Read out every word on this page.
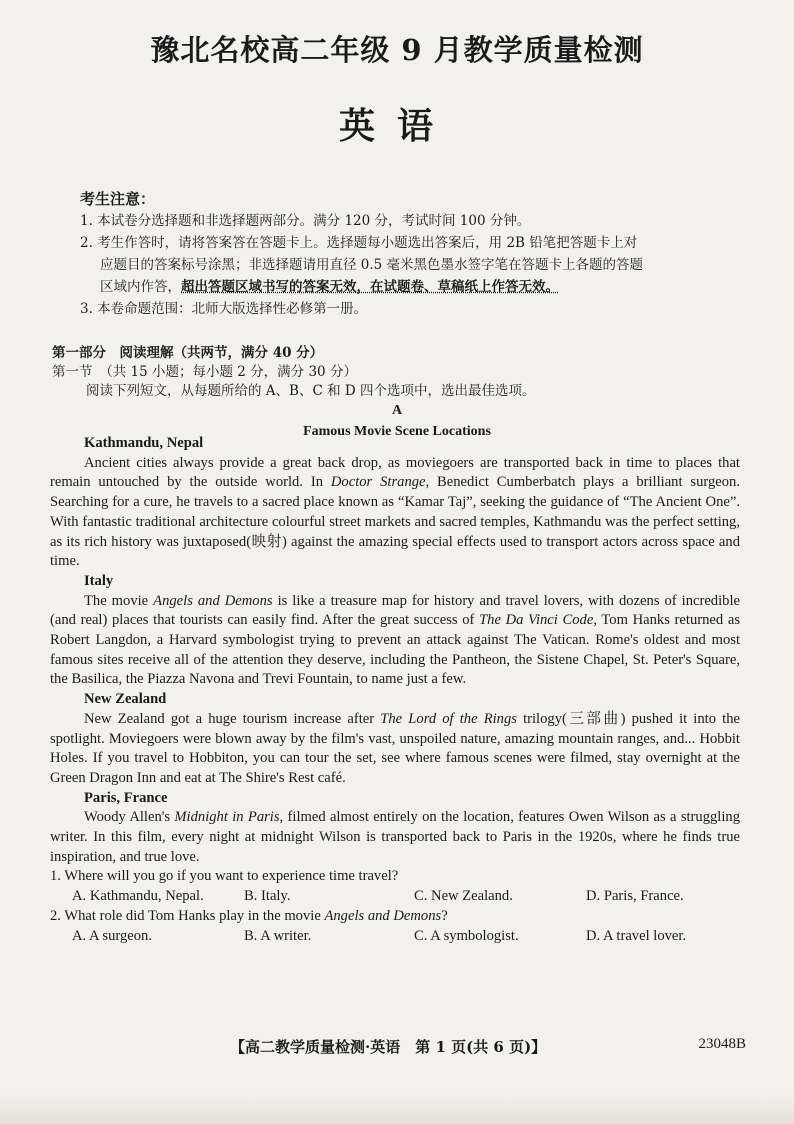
豫北名校高二年级 9 月教学质量检测
英语
考生注意：

1. 本试卷分选择题和非选择题两部分。满分 120 分，考试时间 100 分钟。

2. 考生作答时，请将答案答在答题卡上。选择题每小题选出答案后，用 2B 铅笔把答题卡上对
应题目的答案标号涂黑；非选择题请用直径 0.5 毫米黑色墨水签字笔在答题卡上各题的答题
区域内作答，超出答题区域书写的答案无效，在试题卷、草稿纸上作答无效。

3. 本卷命题范围：北师大版选择性必修第一册。

第一部分　阅读理解（共两节，满分 40 分）
第一节　（共 15 小题；每小题 2 分，满分 30 分）
阅读下列短文，从每题所给的 A、B、C 和 D 四个选项中，选出最佳选项。
A
Famous Movie Scene Locations
Kathmandu, Nepal

Ancient cities always provide a great back drop, as moviegoers are transported back in time to places that remain untouched by the outside world. In Doctor Strange, Benedict Cumberbatch plays a brilliant surgeon. Searching for a cure, he travels to a sacred place known as “Kamar Taj”, seeking the guidance of “The Ancient One”. With fantastic traditional architecture colourful street markets and sacred temples, Kathmandu was the perfect setting, as its rich history was juxtaposed(映射) against the amazing special effects used to transport actors across space and time.

Italy

The movie Angels and Demons is like a treasure map for history and travel lovers, with dozens of incredible (and real) places that tourists can easily find. After the great success of The Da Vinci Code, Tom Hanks returned as Robert Langdon, a Harvard symbologist trying to prevent an attack against The Vatican. Rome's oldest and most famous sites receive all of the attention they deserve, including the Pantheon, the Sistene Chapel, St. Peter's Square, the Basilica, the Piazza Navona and Trevi Fountain, to name just a few.

New Zealand

New Zealand got a huge tourism increase after The Lord of the Rings trilogy(三部曲) pushed it into the spotlight. Moviegoers were blown away by the film's vast, unspoiled nature, amazing mountain ranges, and... Hobbit Holes. If you travel to Hobbiton, you can tour the set, see where famous scenes were filmed, stay overnight at the Green Dragon Inn and eat at The Shire's Rest café.

Paris, France

Woody Allen's Midnight in Paris, filmed almost entirely on the location, features Owen Wilson as a struggling writer. In this film, every night at midnight Wilson is transported back to Paris in the 1920s, where he finds true inspiration, and true love.

1. Where will you go if you want to experience time travel?

A. Kathmandu, Nepal.	B. Italy.	C. New Zealand.	D. Paris, France.

2. What role did Tom Hanks play in the movie Angels and Demons?

A. A surgeon.	B. A writer.	C. A symbologist.	D. A travel lover.
【高二教学质量检测·英语　第 1 页(共 6 页)】	23048B
